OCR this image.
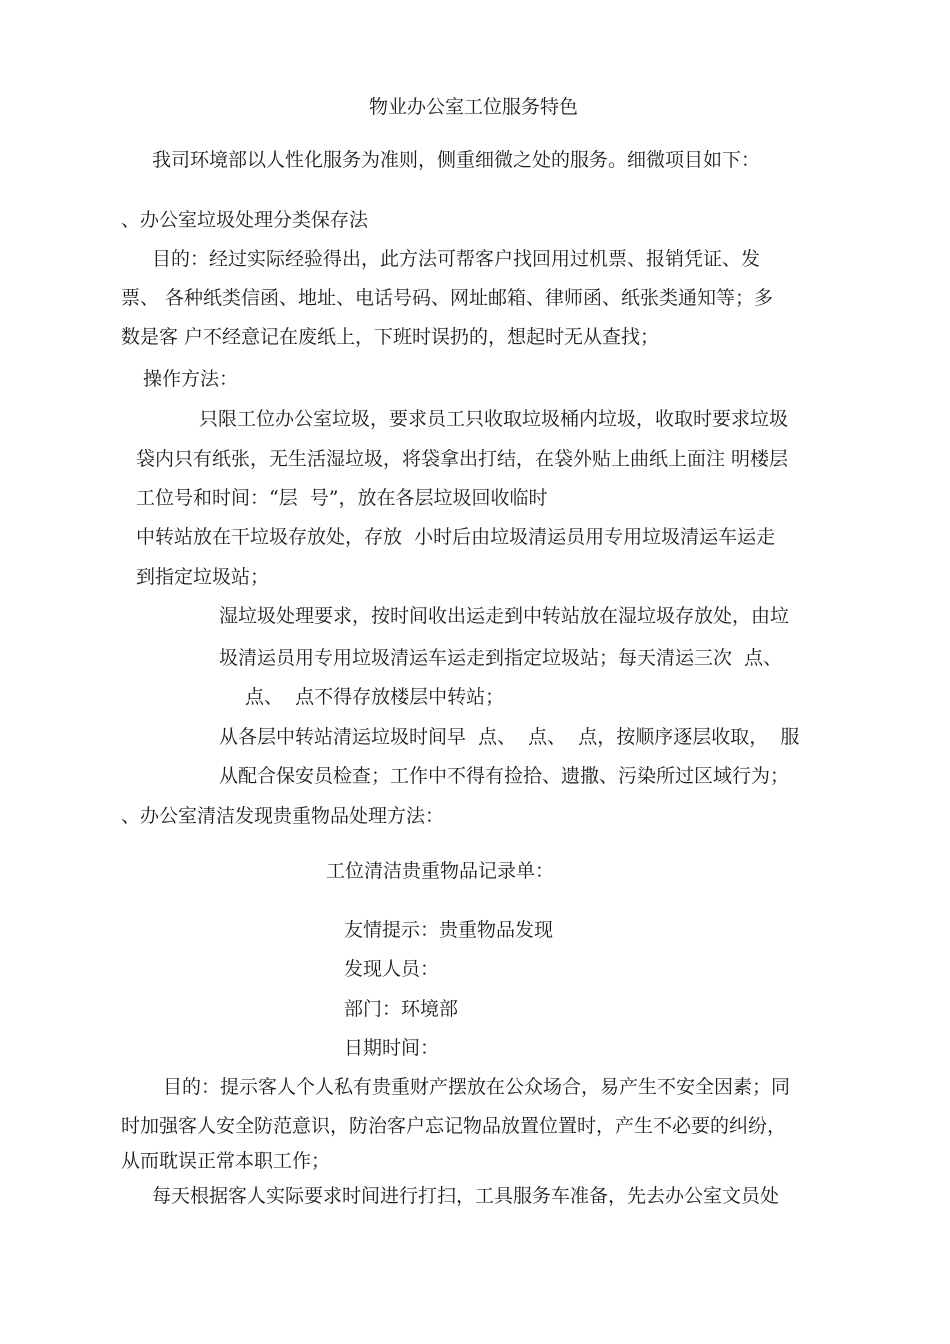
物业办公室工位服务特色
我司环境部以人性化服务为准则，侧重细微之处的服务。细微项目如下：
、办公室垃圾处理分类保存法
目的：经过实际经验得出，此方法可帮客户找回用过机票、报销凭证、发
票、 各种纸类信函、地址、电话号码、网址邮箱、律师函、纸张类通知等；多
数是客 户不经意记在废纸上，下班时误扔的，想起时无从查找；
操作方法：
只限工位办公室垃圾，要求员工只收取垃圾桶内垃圾，收取时要求垃圾
袋内只有纸张，无生活湿垃圾，将袋拿出打结，在袋外贴上曲纸上面注 明楼层
工位号和时间：“层  号”，放在各层垃圾回收临时
中转站放在干垃圾存放处，存放  小时后由垃圾清运员用专用垃圾清运车运走
到指定垃圾站；
湿垃圾处理要求，按时间收出运走到中转站放在湿垃圾存放处，由垃
圾清运员用专用垃圾清运车运走到指定垃圾站；每天清运三次  点、
点、  点不得存放楼层中转站；
从各层中转站清运垃圾时间早  点、  点、  点，按顺序逐层收取，  服
从配合保安员检查；工作中不得有捡拾、遗撒、污染所过区域行为；
、办公室清洁发现贵重物品处理方法：
工位清洁贵重物品记录单：
友情提示：贵重物品发现
发现人员：
部门：环境部
日期时间：
目的：提示客人个人私有贵重财产摆放在公众场合，易产生不安全因素；同
时加强客人安全防范意识，防治客户忘记物品放置位置时，产生不必要的纠纷，
从而耽误正常本职工作；
每天根据客人实际要求时间进行打扫，工具服务车准备，先去办公室文员处
